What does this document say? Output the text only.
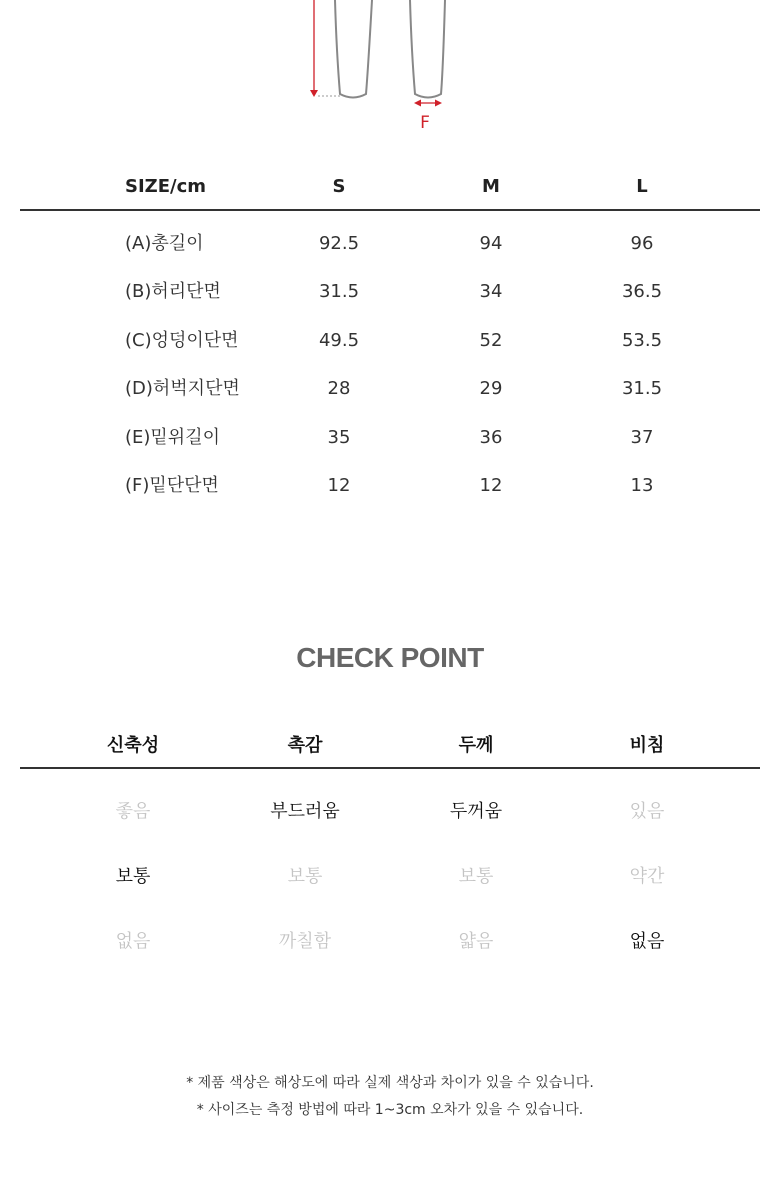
F
SIZE/cm	S	M	L
(A)총길이	92.5	94	96
(B)허리단면	31.5	34	36.5
(C)엉덩이단면	49.5	52	53.5
(D)허벅지단면	28	29	31.5
(E)밑위길이	35	36	37
(F)밑단단면	12	12	13
CHECK POINT
신축성	촉감	두께	비침
좋음	부드러움	두꺼움	있음
보통	보통	보통	약간
없음	까칠함	얇음	없음
* 제품 색상은 해상도에 따라 실제 색상과 차이가 있을 수 있습니다.
* 사이즈는 측정 방법에 따라 1~3cm 오차가 있을 수 있습니다.
